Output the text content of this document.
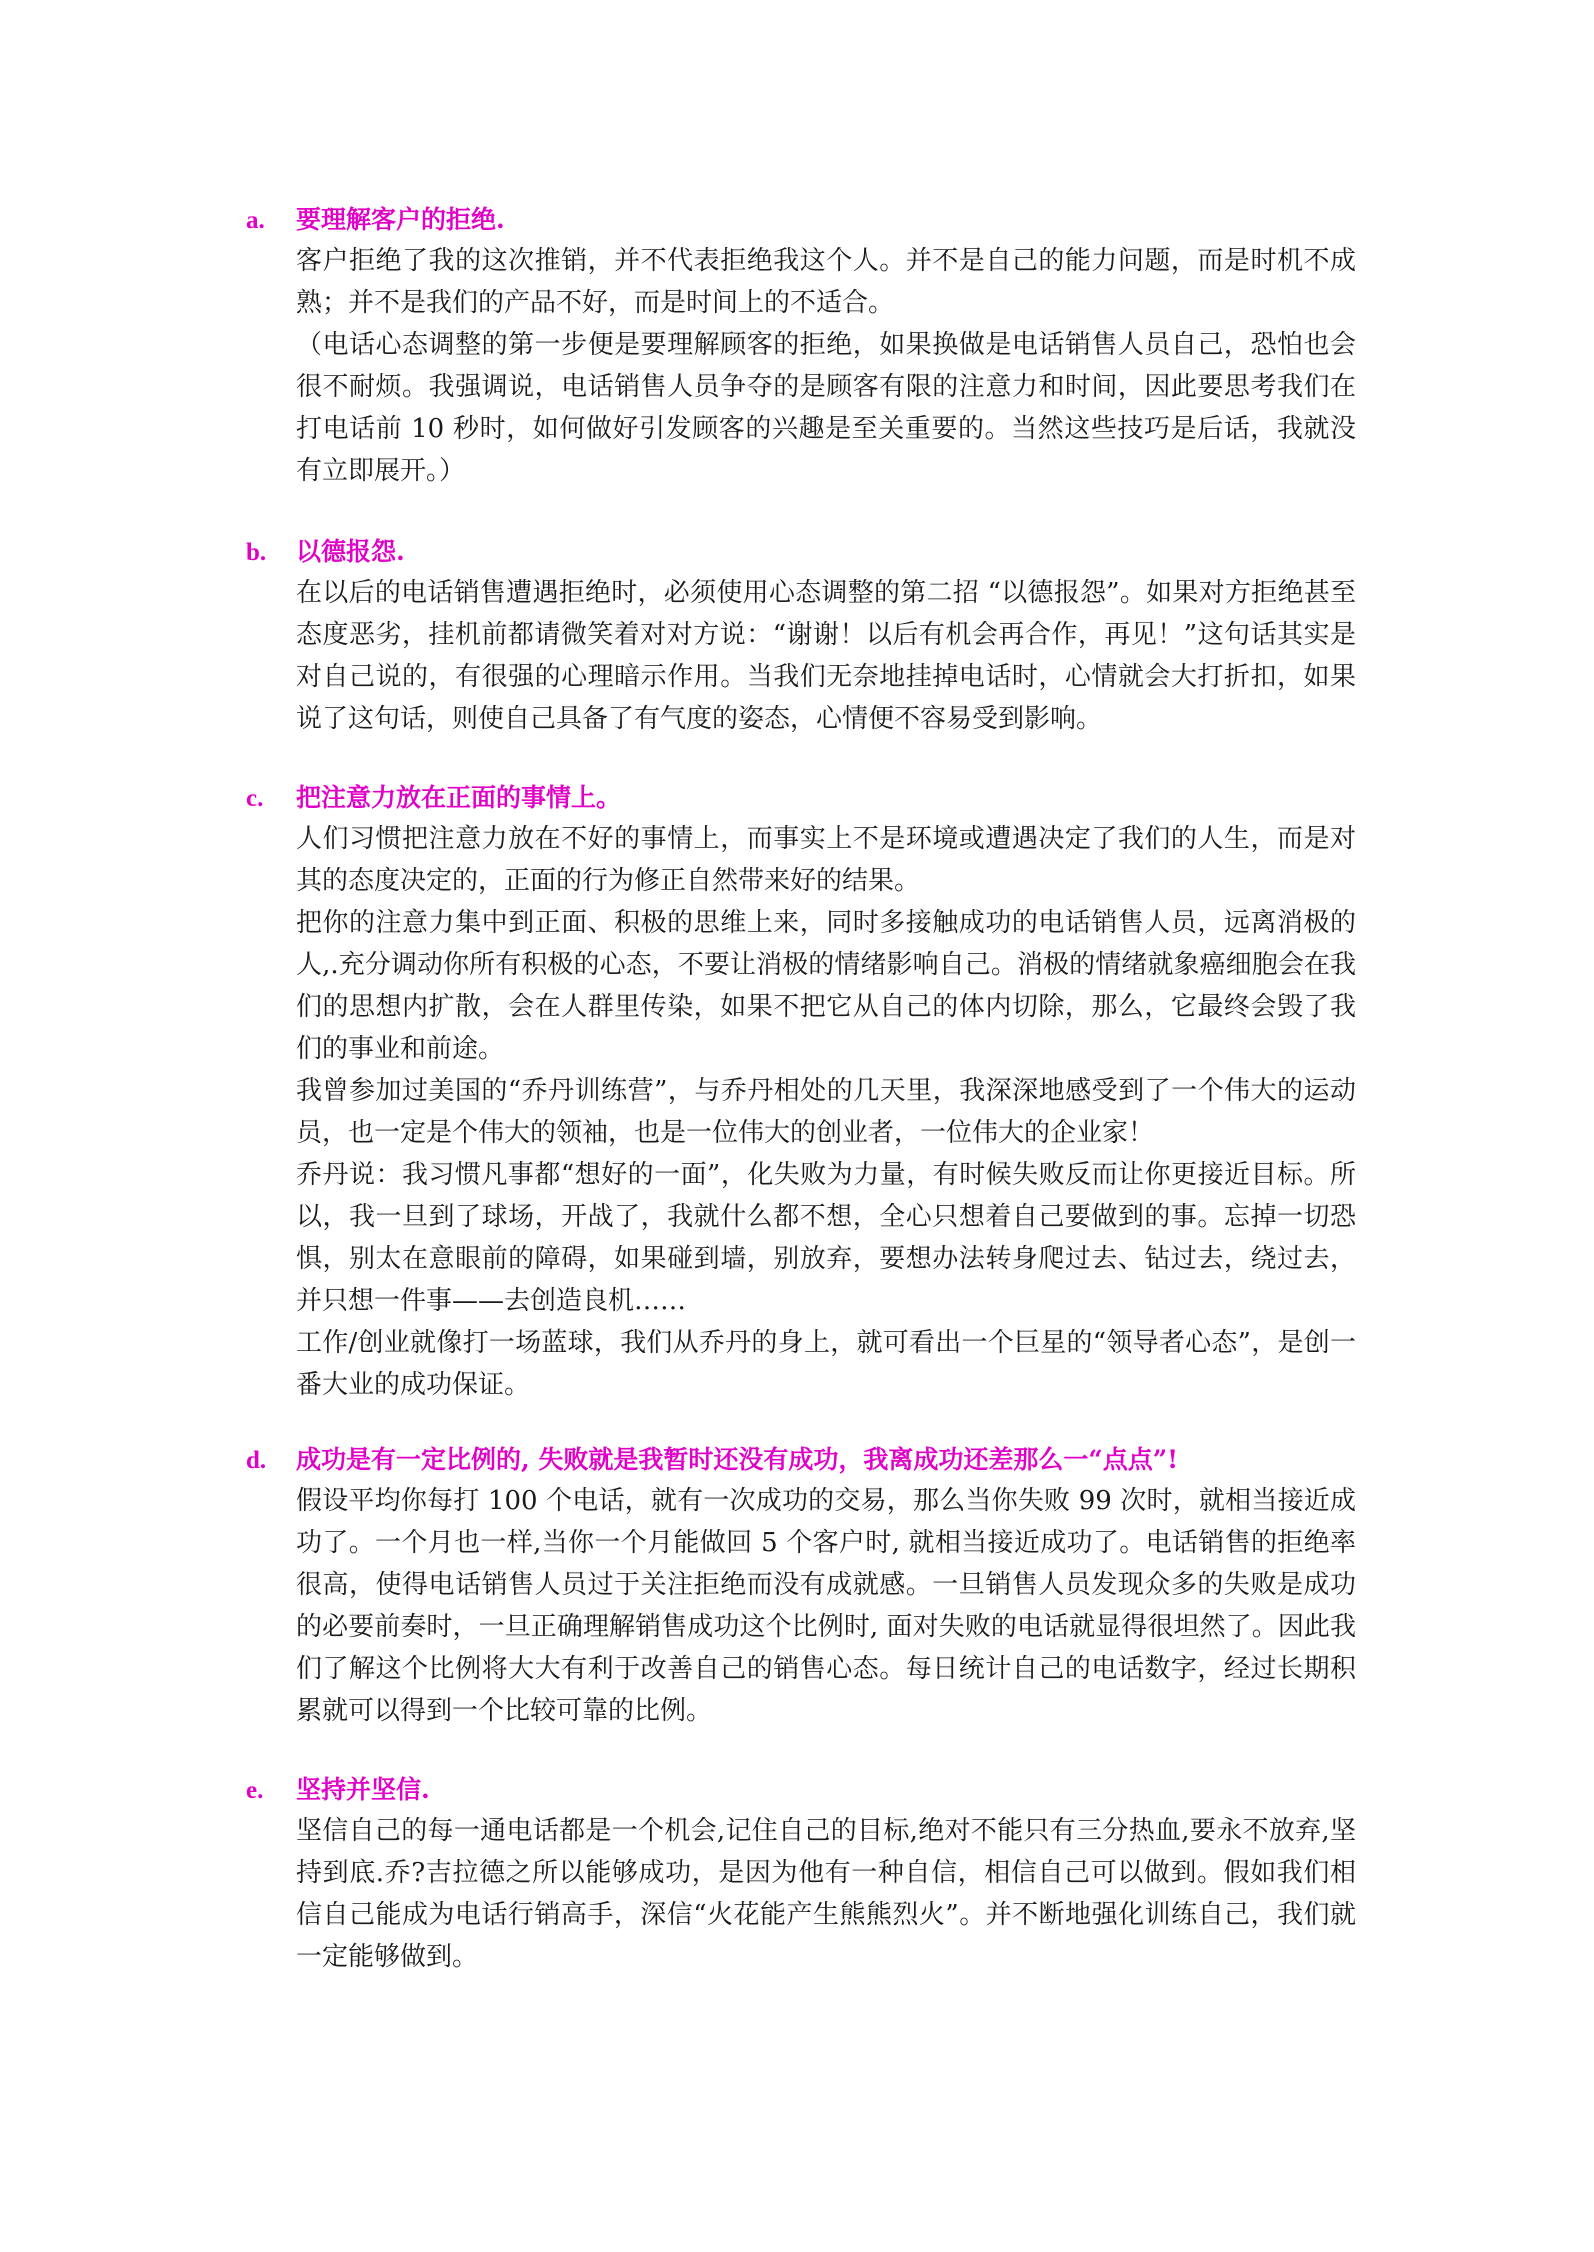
a.	要理解客户的拒绝.

客户拒绝了我的这次推销，并不代表拒绝我这个人。并不是自己的能力问题，而是时机不成熟；并不是我们的产品不好，而是时间上的不适合。

（电话心态调整的第一步便是要理解顾客的拒绝，如果换做是电话销售人员自己，恐怕也会很不耐烦。我强调说，电话销售人员争夺的是顾客有限的注意力和时间，因此要思考我们在打电话前 10 秒时，如何做好引发顾客的兴趣是至关重要的。当然这些技巧是后话，我就没有立即展开。）

b.	以德报怨.

在以后的电话销售遭遇拒绝时，必须使用心态调整的第二招 “以德报怨”。如果对方拒绝甚至态度恶劣，挂机前都请微笑着对对方说：“谢谢！以后有机会再合作，再见！”这句话其实是对自己说的，有很强的心理暗示作用。当我们无奈地挂掉电话时，心情就会大打折扣，如果说了这句话，则使自己具备了有气度的姿态，心情便不容易受到影响。

c.	把注意力放在正面的事情上。

人们习惯把注意力放在不好的事情上，而事实上不是环境或遭遇决定了我们的人生，而是对其的态度决定的，正面的行为修正自然带来好的结果。

把你的注意力集中到正面、积极的思维上来，同时多接触成功的电话销售人员，远离消极的人,.充分调动你所有积极的心态，不要让消极的情绪影响自己。消极的情绪就象癌细胞会在我们的思想内扩散，会在人群里传染，如果不把它从自己的体内切除，那么，它最终会毁了我们的事业和前途。

我曾参加过美国的“乔丹训练营”，与乔丹相处的几天里，我深深地感受到了一个伟大的运动员，也一定是个伟大的领袖，也是一位伟大的创业者，一位伟大的企业家！

乔丹说：我习惯凡事都“想好的一面”，化失败为力量，有时候失败反而让你更接近目标。所以，我一旦到了球场，开战了，我就什么都不想，全心只想着自己要做到的事。忘掉一切恐惧，别太在意眼前的障碍，如果碰到墙，别放弃，要想办法转身爬过去、钻过去，绕过去，并只想一件事——去创造良机……

工作/创业就像打一场蓝球，我们从乔丹的身上，就可看出一个巨星的“领导者心态”，是创一番大业的成功保证。

d.	成功是有一定比例的, 失败就是我暂时还没有成功，我离成功还差那么一“点点”!

假设平均你每打 100 个电话，就有一次成功的交易，那么当你失败 99 次时，就相当接近成功了。一个月也一样,当你一个月能做回 5 个客户时, 就相当接近成功了。电话销售的拒绝率很高，使得电话销售人员过于关注拒绝而没有成就感。一旦销售人员发现众多的失败是成功的必要前奏时，一旦正确理解销售成功这个比例时, 面对失败的电话就显得很坦然了。因此我们了解这个比例将大大有利于改善自己的销售心态。每日统计自己的电话数字，经过长期积累就可以得到一个比较可靠的比例。

e.	坚持并坚信.

坚信自己的每一通电话都是一个机会,记住自己的目标,绝对不能只有三分热血,要永不放弃,坚持到底.乔?吉拉德之所以能够成功，是因为他有一种自信，相信自己可以做到。假如我们相信自己能成为电话行销高手，深信“火花能产生熊熊烈火”。并不断地强化训练自己，我们就一定能够做到。
